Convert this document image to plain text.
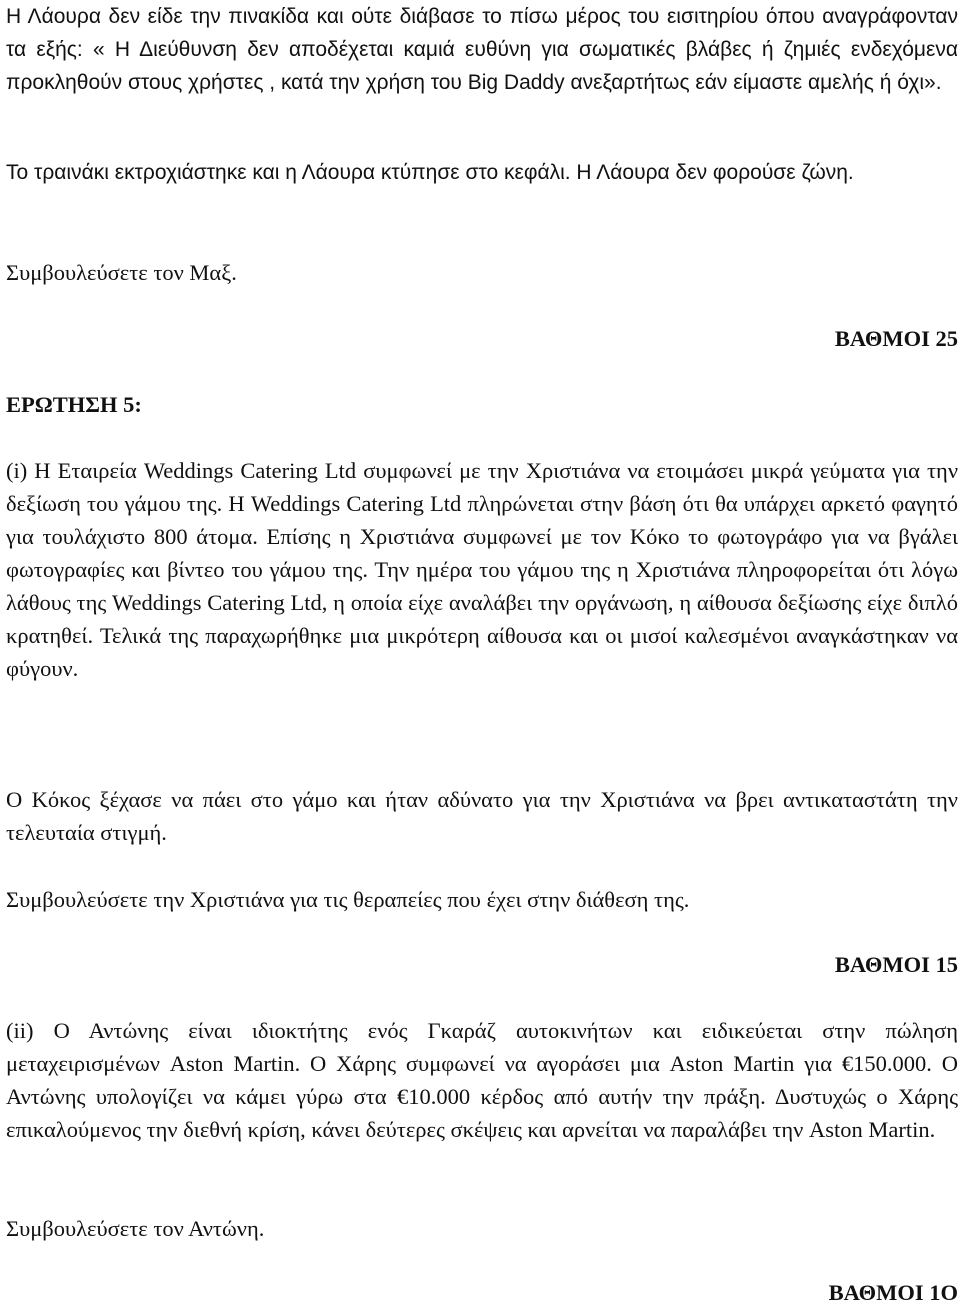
Η Λάουρα δεν είδε την πινακίδα και ούτε διάβασε το πίσω μέρος του εισιτηρίου όπου αναγράφονταν τα εξής: « Η Διεύθυνση δεν αποδέχεται καμιά ευθύνη για σωματικές βλάβες ή ζημιές ενδεχόμενα προκληθούν στους χρήστες , κατά την χρήση του Big Daddy ανεξαρτήτως εάν είμαστε αμελής ή όχι».

Το τραινάκι εκτροχιάστηκε και η Λάουρα κτύπησε στο κεφάλι. Η Λάουρα δεν φορούσε ζώνη.

Συμβουλεύσετε τον Μαξ.

ΒΑΘΜΟΙ 25

ΕΡΩΤΗΣΗ 5:

(i) Η Εταιρεία Weddings Catering Ltd συμφωνεί με την Χριστιάνα να ετοιμάσει μικρά γεύματα για την δεξίωση του γάμου της. Η Weddings Catering Ltd πληρώνεται στην βάση ότι θα υπάρχει αρκετό φαγητό για τουλάχιστο 800 άτομα. Επίσης η Χριστιάνα συμφωνεί με τον Κόκο το φωτογράφο για να βγάλει φωτογραφίες και βίντεο του γάμου της. Την ημέρα του γάμου της η Χριστιάνα πληροφορείται ότι λόγω λάθους της Weddings Catering Ltd, η οποία είχε αναλάβει την οργάνωση, η αίθουσα δεξίωσης είχε διπλό κρατηθεί. Τελικά της παραχωρήθηκε μια μικρότερη αίθουσα και οι μισοί καλεσμένοι αναγκάστηκαν να φύγουν.

Ο Κόκος ξέχασε να πάει στο γάμο και ήταν αδύνατο για την Χριστιάνα να βρει αντικαταστάτη την τελευταία στιγμή.

Συμβουλεύσετε την Χριστιάνα για τις θεραπείες που έχει στην διάθεση της.

ΒΑΘΜΟΙ 15

(ii) Ο Αντώνης είναι ιδιοκτήτης ενός Γκαράζ αυτοκινήτων και ειδικεύεται στην πώληση μεταχειρισμένων Aston Martin. Ο Χάρης συμφωνεί να αγοράσει μια Aston Martin για €150.000. Ο Αντώνης υπολογίζει να κάμει γύρω στα €10.000 κέρδος από αυτήν την πράξη. Δυστυχώς ο Χάρης επικαλούμενος την διεθνή κρίση, κάνει δεύτερες σκέψεις και αρνείται να παραλάβει την Aston Martin.

Συμβουλεύσετε τον Αντώνη.

ΒΑΘΜΟΙ 1Ο
